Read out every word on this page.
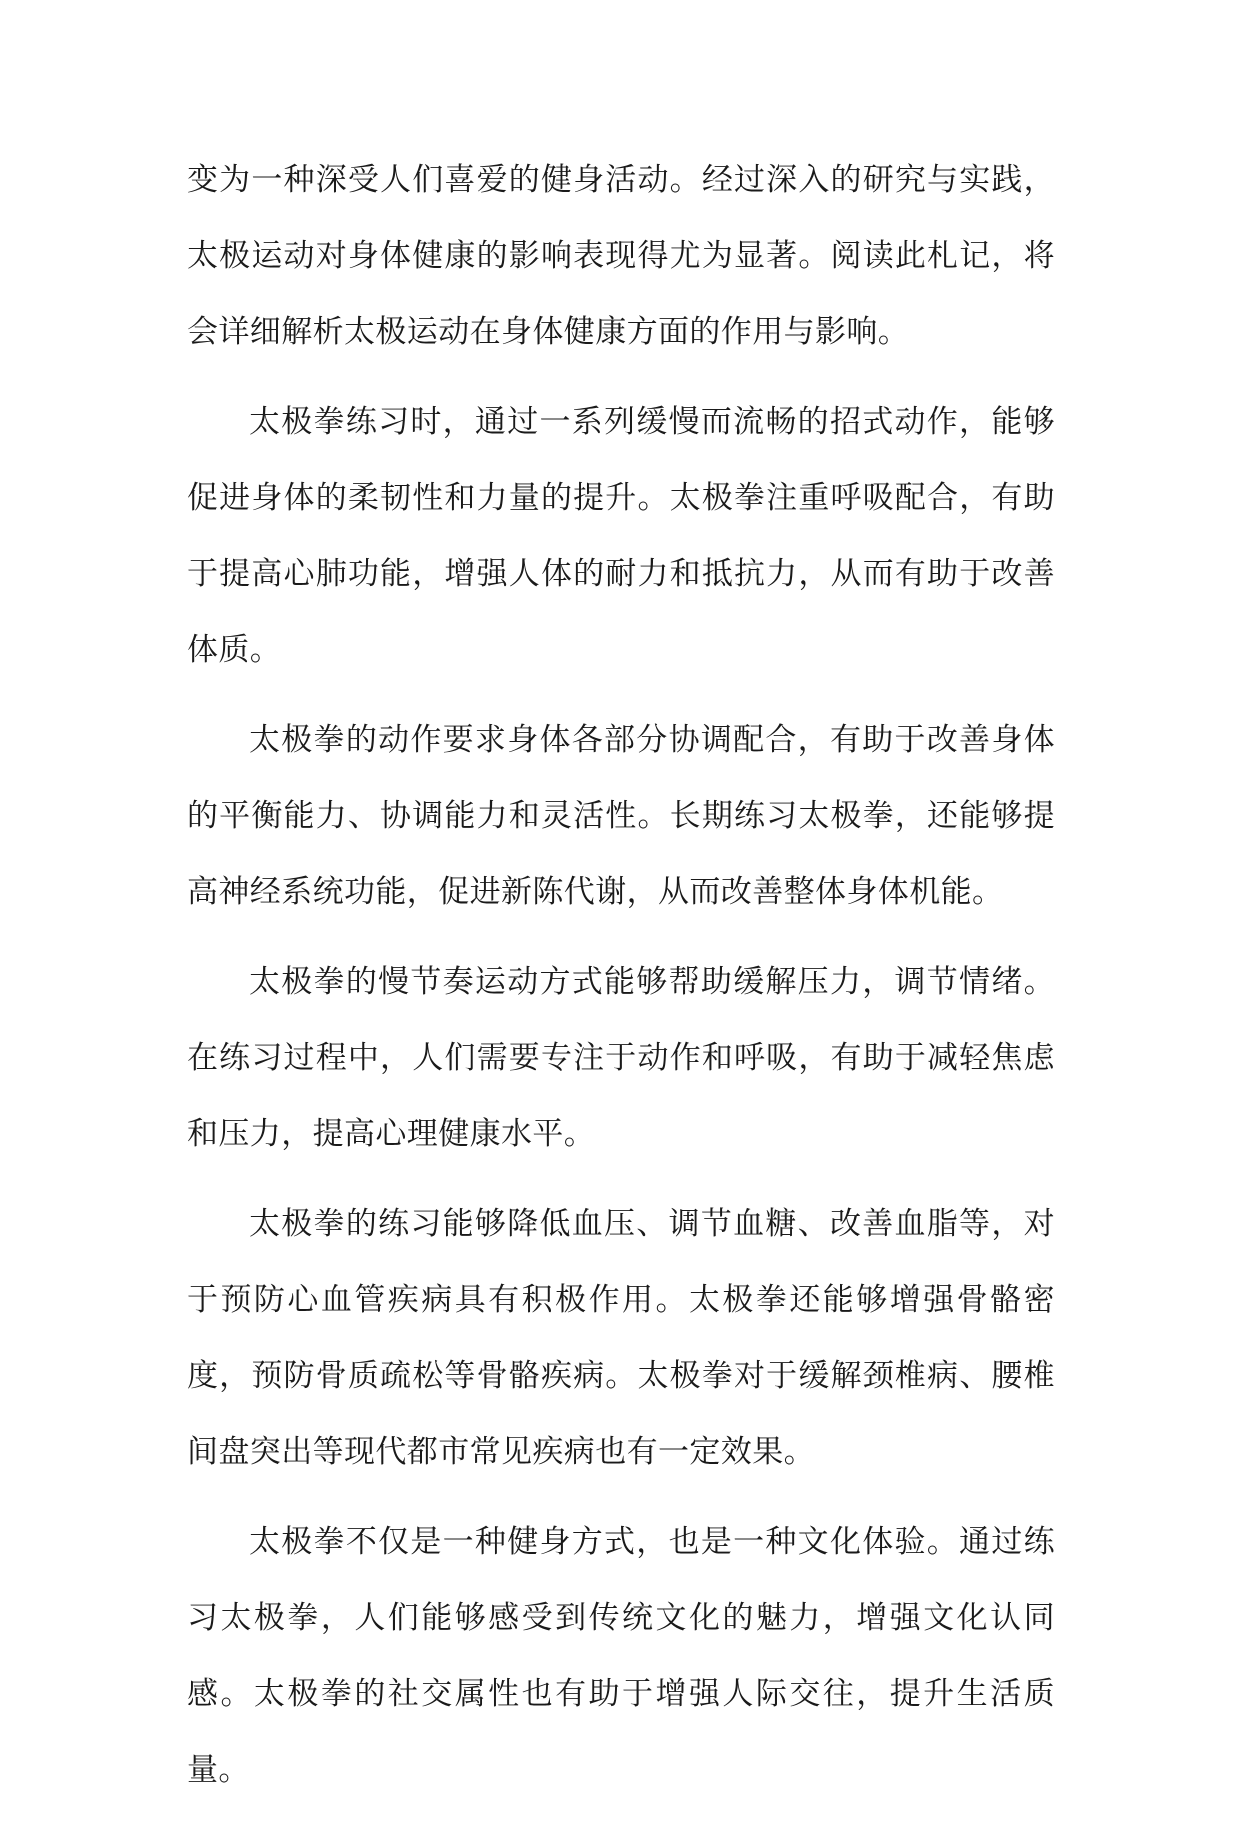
变为一种深受人们喜爱的健身活动。经过深入的研究与实践，太极运动对身体健康的影响表现得尤为显著。阅读此札记，将会详细解析太极运动在身体健康方面的作用与影响。

太极拳练习时，通过一系列缓慢而流畅的招式动作，能够促进身体的柔韧性和力量的提升。太极拳注重呼吸配合，有助于提高心肺功能，增强人体的耐力和抵抗力，从而有助于改善体质。

太极拳的动作要求身体各部分协调配合，有助于改善身体的平衡能力、协调能力和灵活性。长期练习太极拳，还能够提高神经系统功能，促进新陈代谢，从而改善整体身体机能。

太极拳的慢节奏运动方式能够帮助缓解压力，调节情绪。在练习过程中，人们需要专注于动作和呼吸，有助于减轻焦虑和压力，提高心理健康水平。

太极拳的练习能够降低血压、调节血糖、改善血脂等，对于预防心血管疾病具有积极作用。太极拳还能够增强骨骼密度，预防骨质疏松等骨骼疾病。太极拳对于缓解颈椎病、腰椎间盘突出等现代都市常见疾病也有一定效果。

太极拳不仅是一种健身方式，也是一种文化体验。通过练习太极拳，人们能够感受到传统文化的魅力，增强文化认同感。太极拳的社交属性也有助于增强人际交往，提升生活质量。
